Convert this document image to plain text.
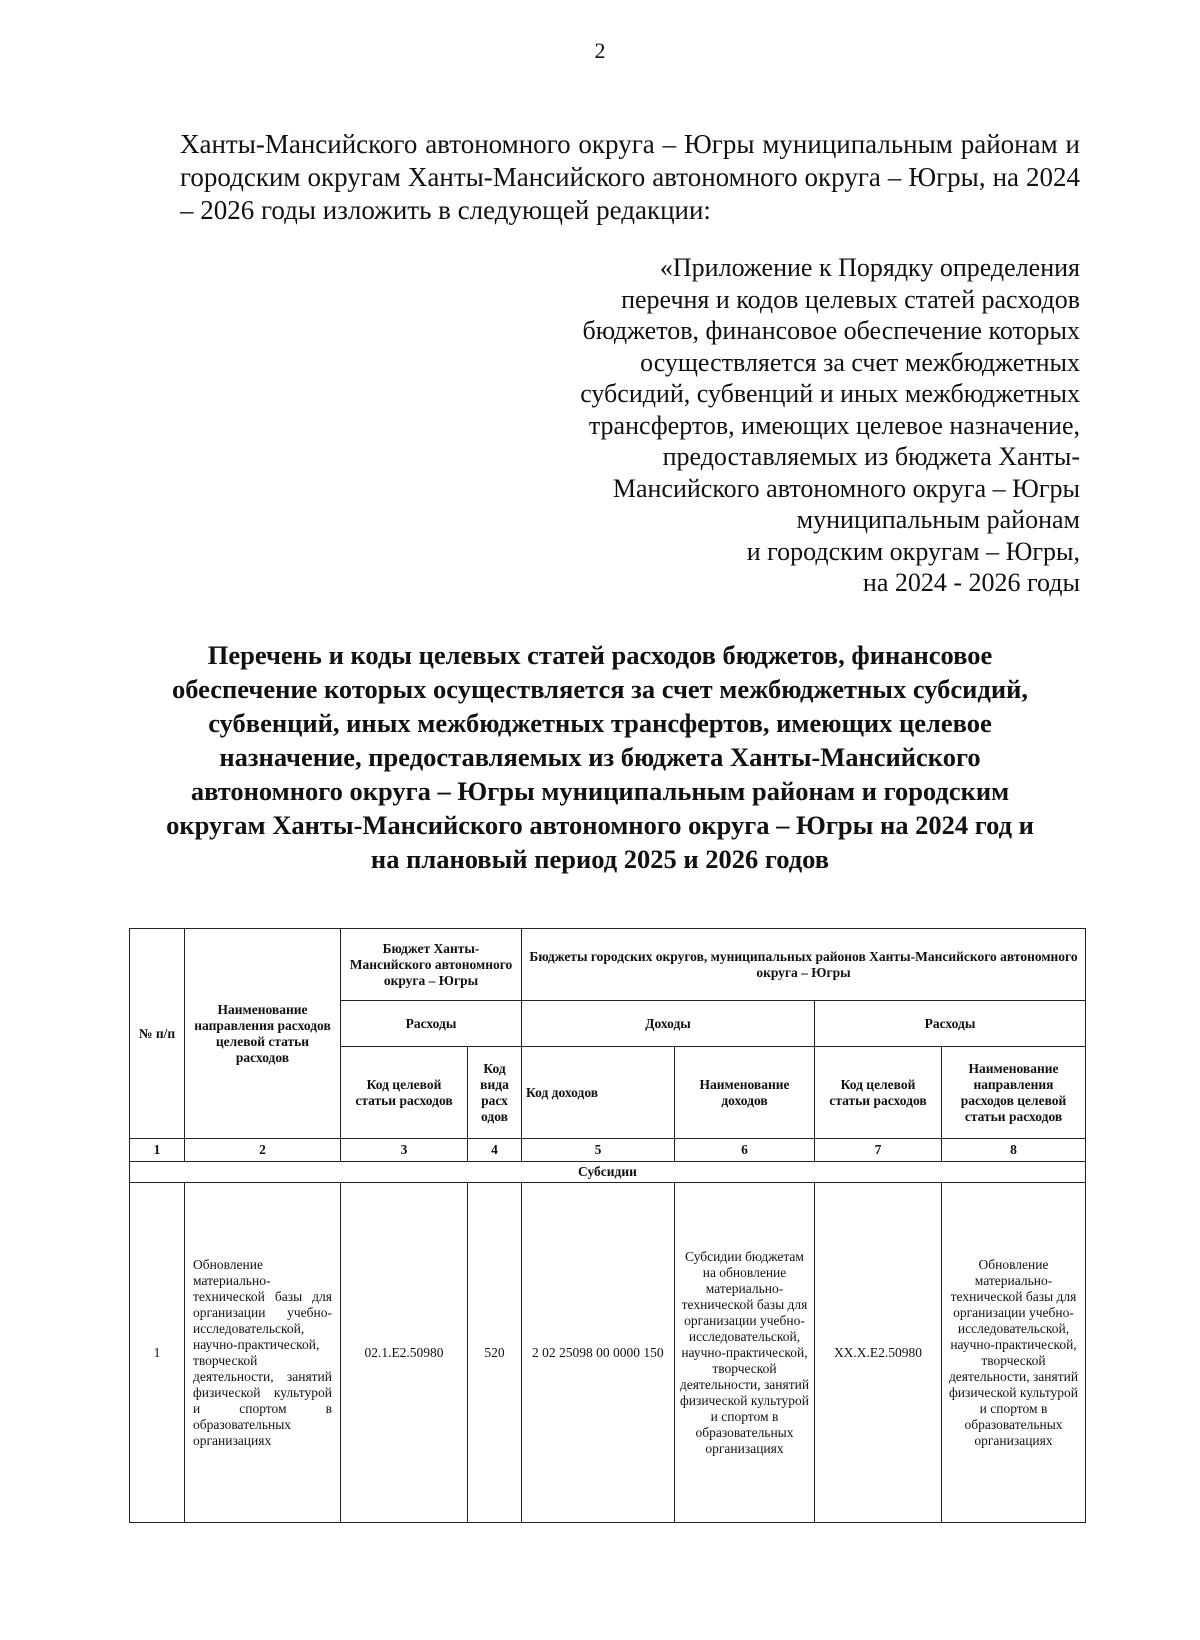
2
Ханты-Мансийского автономного округа – Югры муниципальным районам и городским округам Ханты-Мансийского автономного округа – Югры, на 2024 – 2026 годы изложить в следующей редакции:
«Приложение к Порядку определения
перечня и кодов целевых статей расходов
бюджетов, финансовое обеспечение которых
осуществляется за счет межбюджетных
субсидий, субвенций и иных межбюджетных
трансфертов, имеющих целевое назначение,
предоставляемых из бюджета Ханты-
Мансийского автономного округа – Югры
муниципальным районам
и городским округам – Югры,
на 2024 - 2026 годы
Перечень и коды целевых статей расходов бюджетов, финансовое обеспечение которых осуществляется за счет межбюджетных субсидий, субвенций, иных межбюджетных трансфертов, имеющих целевое назначение, предоставляемых из бюджета Ханты-Мансийского автономного округа – Югры муниципальным районам и городским округам Ханты-Мансийского автономного округа – Югры на 2024 год и на плановый период 2025 и 2026 годов
№ п/п	Наименование направления расходов целевой статьи расходов	Бюджет Ханты-Мансийского автономного округа – Югры		Бюджеты городских округов, муниципальных районов Ханты-Мансийского автономного округа – Югры			
		Расходы		Доходы		Расходы	
		Код целевой статьи расходов	Код вида расх одов	Код доходов	Наименование доходов	Код целевой статьи расходов	Наименование направления расходов целевой статьи расходов
1	2	3	4	5	6	7	8
Субсидии							
1	Обновление материально-технической базы для организации учебно-исследовательской, научно-практической, творческой деятельности, занятий физической культурой и спортом в образовательных организациях	02.1.Е2.50980	520	2 02 25098 00 0000 150	Субсидии бюджетам на обновление материально-технической базы для организации учебно-исследовательской, научно-практической, творческой деятельности, занятий физической культурой и спортом в образовательных организациях	XX.X.Е2.50980	Обновление материально-технической базы для организации учебно-исследовательской, научно-практической, творческой деятельности, занятий физической культурой и спортом в образовательных организациях
